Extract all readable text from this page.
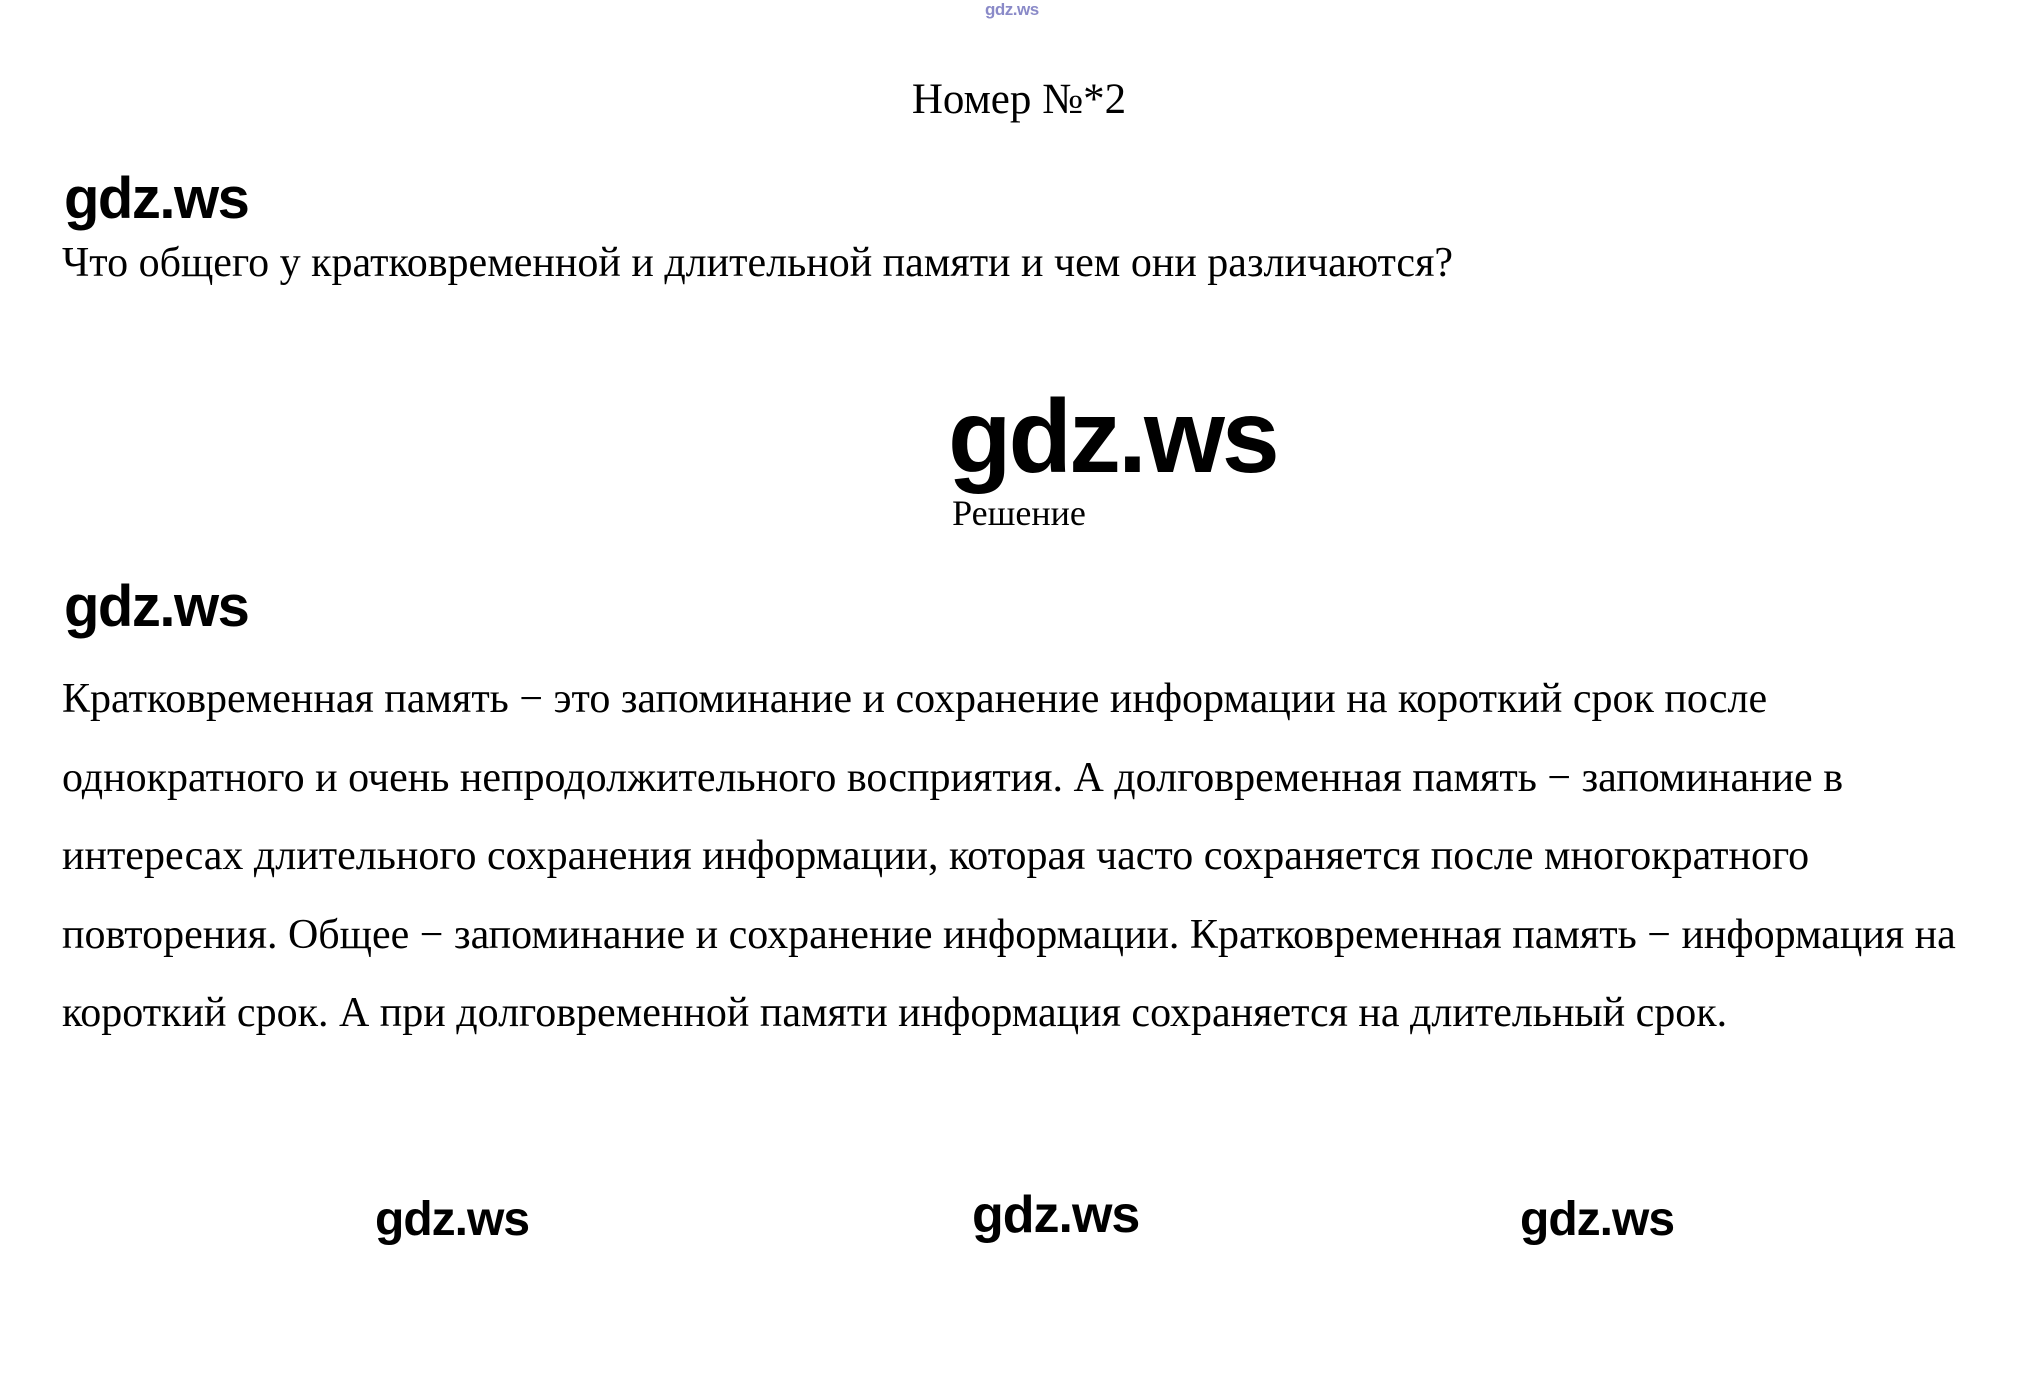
gdz.ws
Номер №*2
gdz.ws
Что общего у кратковременной и длительной памяти и чем они различаются?
gdz.ws
Решение
gdz.ws
Кратковременная память − это запоминание и сохранение информации на короткий срок после однократного и очень непродолжительного восприятия. А долговременная память − запоминание в интересах длительного сохранения информации, которая часто сохраняется после многократного повторения. Общее − запоминание и сохранение информации. Кратковременная память − информация на короткий срок. А при долговременной памяти информация сохраняется на длительный срок.
gdz.ws	gdz.ws	gdz.ws
